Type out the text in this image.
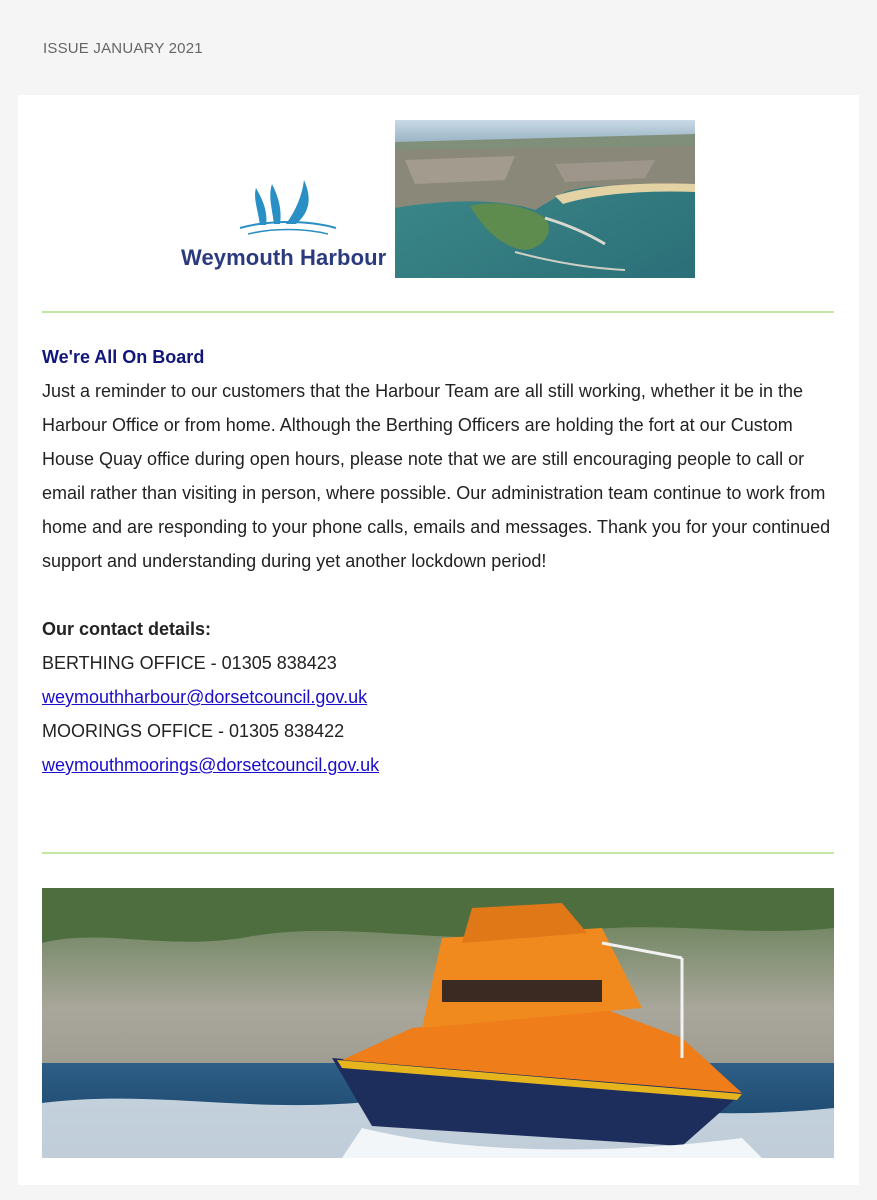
ISSUE JANUARY 2021
Weymouth Harbour
We're All On Board

Just a reminder to our customers that the Harbour Team are all still working, whether it be in the Harbour Office or from home. Although the Berthing Officers are holding the fort at our Custom House Quay office during open hours, please note that we are still encouraging people to call or email rather than visiting in person, where possible. Our administration team continue to work from home and are responding to your phone calls, emails and messages. Thank you for your continued support and understanding during yet another lockdown period!

Our contact details:
BERTHING OFFICE - 01305 838423
weymouthharbour@dorsetcouncil.gov.uk
MOORINGS OFFICE - 01305 838422
weymouthmoorings@dorsetcouncil.gov.uk
